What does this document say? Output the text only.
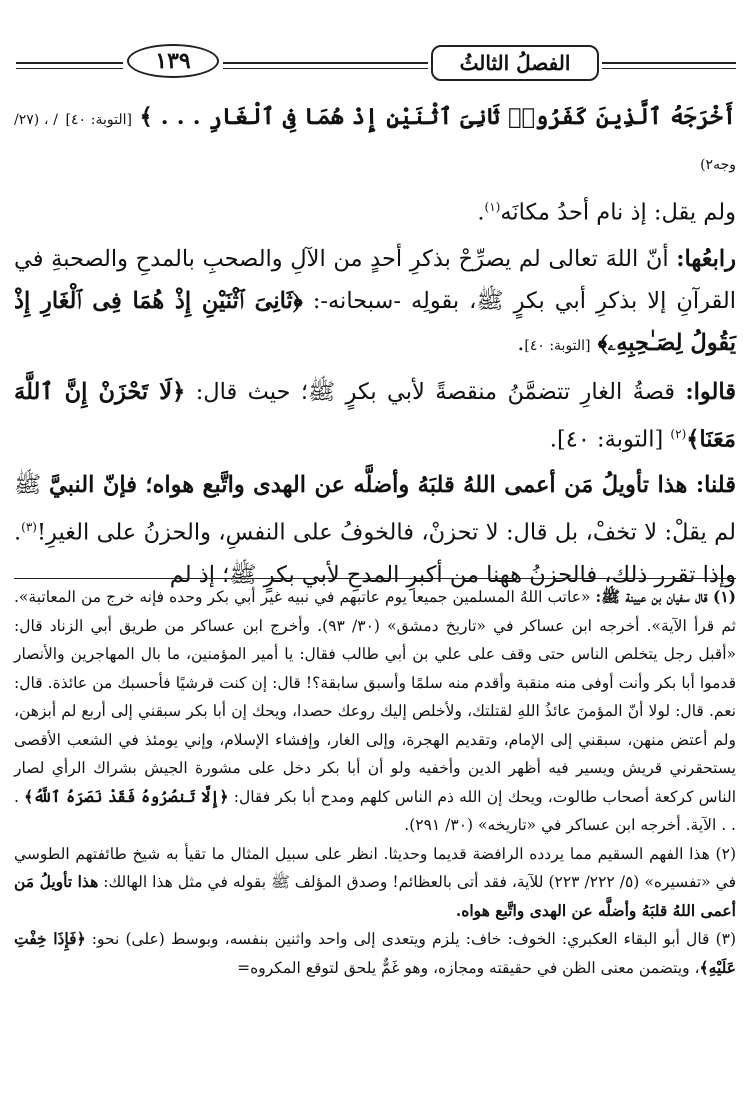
الفصلُ الثالثُ
١٣٩

أَخْرَجَهُ ٱلَّذِينَ كَفَرُوا۟ ثَانِىَ ٱثْنَيْنِ إِذْ هُمَا فِى ٱلْغَارِ . . . ﴾ [التوبة: ٤٠] / ، (٢٧/ وجه٢)
ولم يقل: إذ نام أحدُ مكانَه$^{(١)}$.

رابعُها: أنّ اللهَ تعالى لم يصرِّحْ بذكرِ أحدٍ من الآلِ والصحبِ بالمدحِ والصحبةِ في القرآنِ إلا بذكرِ أبي بكرٍ ﷺ، بقولِه -سبحانه-: ﴿ثَانِىَ ٱثْنَيْنِ إِذْ هُمَا فِى ٱلْغَارِ إِذْ يَقُولُ لِصَـٰحِبِهِۦ﴾ [التوبة: ٤٠].

قالوا: قصةُ الغارِ تتضمَّنُ منقصةً لأبي بكرٍ ﷺ؛ حيث قال: ﴿لَا تَحْزَنْ إِنَّ ٱللَّهَ مَعَنَا﴾$^{(٢)}$ [التوبة: ٤٠].

قلنا: هذا تأويلُ مَن أعمى اللهُ قلبَهُ وأضلَّه عن الهدى واتَّبع هواه؛ فإنّ النبيَّ ﷺ لم يقلْ: لا تخفْ، بل قال: لا تحزنْ، فالخوفُ على النفسِ، والحزنُ على الغيرِ!$^{(٣)}$. وإذا تقرر ذلك، فالحزنُ ههنا من أكبرِ المدحِ لأبي بكرٍ ﷺ؛ إذ لم

(١) قال سفيان بن عيينة ﷺ: «عاتب اللهُ المسلمين جميعا يوم عاتبهم في نبيه غير أبي بكر وحده فإنه خرج من المعاتبة». ثم قرأ الآية». أخرجه ابن عساكر في «تاريخ دمشق» (٣٠/ ٩٣). وأخرج ابن عساكر من طريق أبي الزناد قال: «أقبل رجل يتخلص الناس حتى وقف على علي بن أبي طالب فقال: يا أمير المؤمنين، ما بال المهاجرين والأنصار قدموا أبا بكر وأنت أوفى منه منقبة وأقدم منه سلمًا وأسبق سابقة؟! قال: إن كنت قرشيًا فأحسبك من عائذة. قال: نعم. قال: لولا أنّ المؤمنَ عائذُ اللهِ لقتلتك، ولأخلص إليك روعك حصدا، ويحك إن أبا بكر سبقني إلى أربع لم أبزهن، ولم أعتض منهن، سبقني إلى الإمام، وتقديم الهجرة، وإلى الغار، وإفشاء الإسلام، وإني يومئذ في الشعب الأقصى يستحقرني قريش ويسير فيه أظهر الدين وأخفيه ولو أن أبا بكر دخل على مشورة الجيش بشراك الرأي لصار الناس كركعة أصحاب طالوت، ويحك إن الله ذم الناس كلهم ومدح أبا بكر فقال: ﴿إِلَّا تَنصُرُوهُ فَقَدْ نَصَرَهُ ٱللَّهُ﴾ . . . الآية. أخرجه ابن عساكر في «تاريخه» (٣٠/ ٢٩١).

(٢) هذا الفهم السقيم مما يردده الرافضة قديما وحديثا. انظر على سبيل المثال ما تقيأ به شيخ طائفتهم الطوسي في «تفسيره» (٥/ ٢٢٢/ ٢٢٣) للآية، فقد أتى بالعظائم! وصدق المؤلف ﷺ بقوله في مثل هذا الهالك: هذا تأويلُ مَن أعمى اللهُ قلبَهُ وأضلَّه عن الهدى واتَّبع هواه.

(٣) قال أبو البقاء العكبري: الخوف: خاف: يلزم ويتعدى إلى واحد واثنين بنفسه، وبوسط (على) نحو: ﴿فَإِذَا خِفْتِ عَلَيْهِ﴾، ويتضمن معنى الظن في حقيقته ومجازه، وهو غَمٌّ يلحق لتوقع المكروه=
